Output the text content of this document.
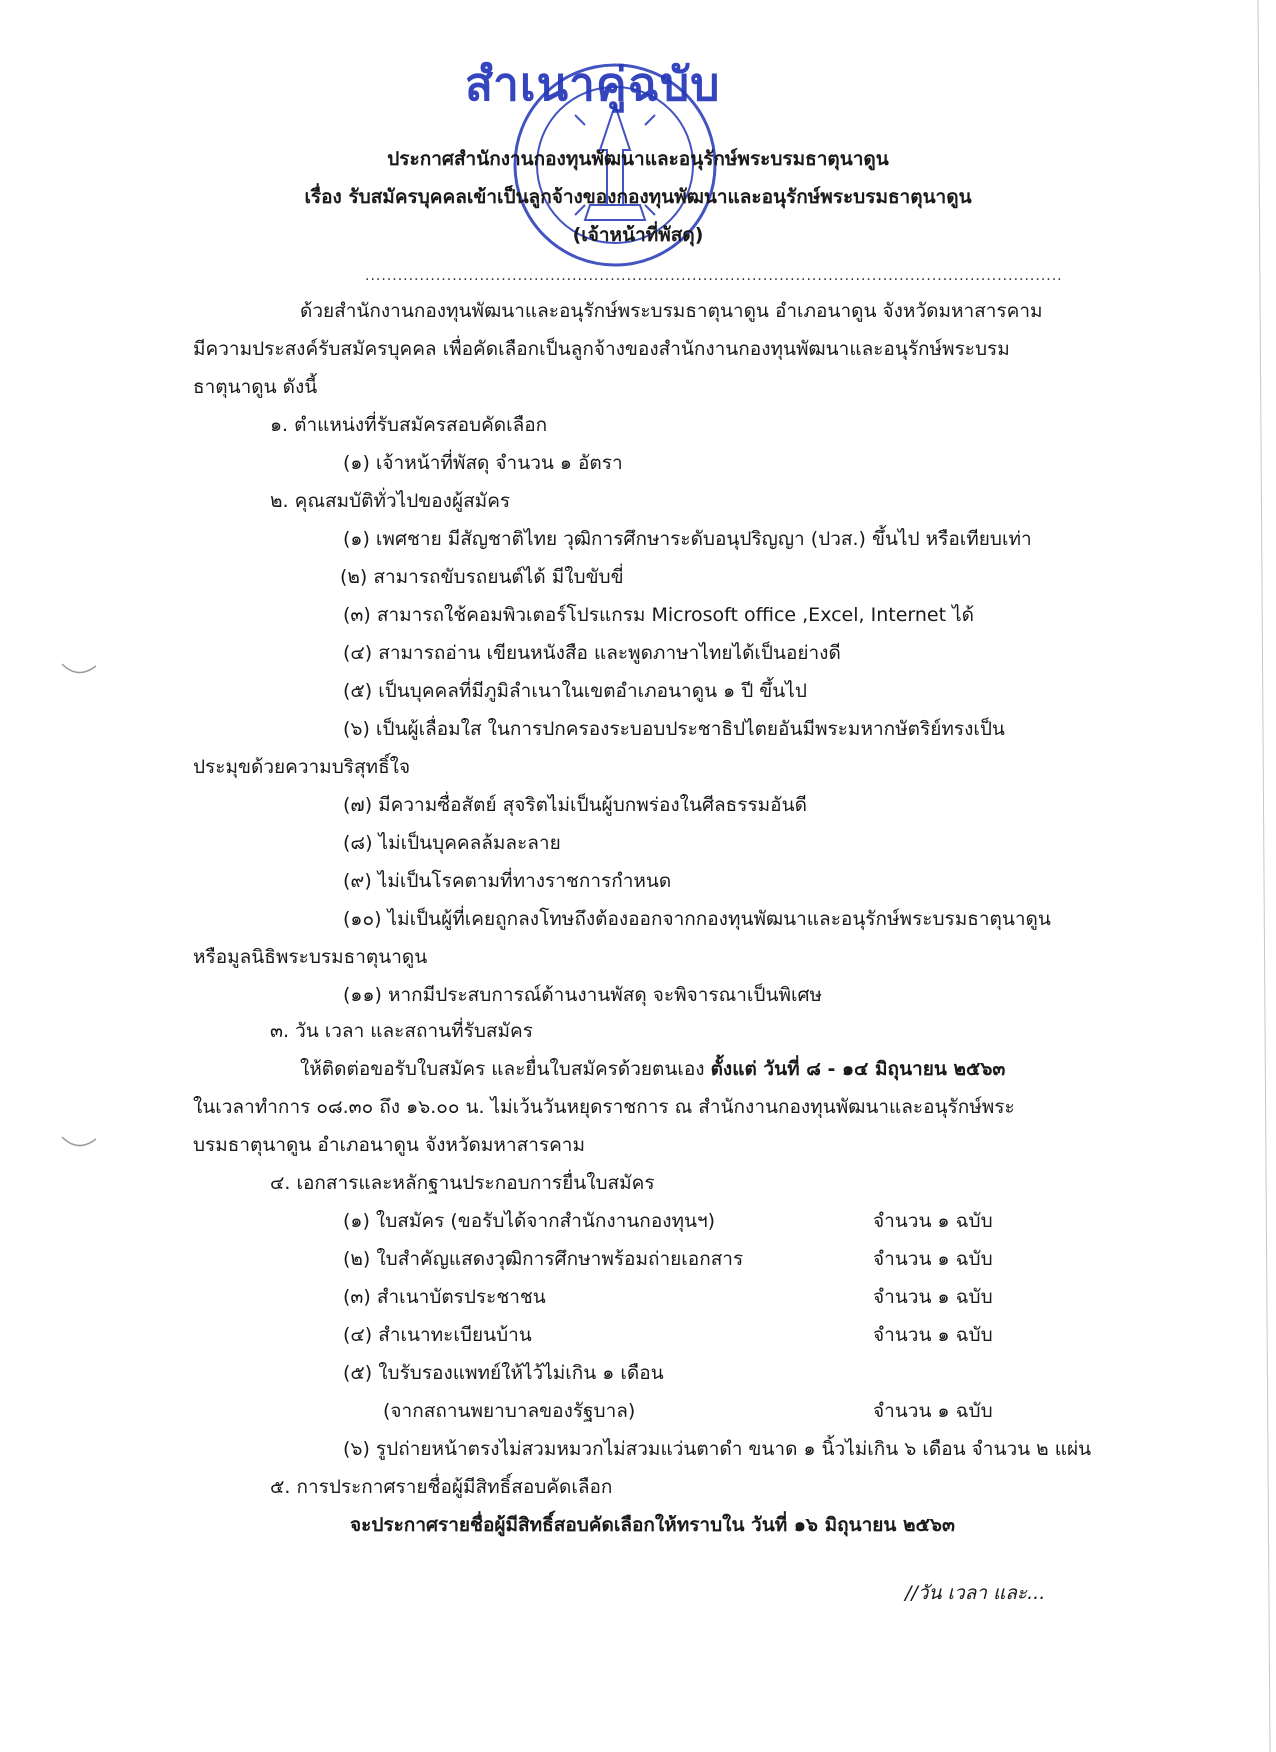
สำเนาคู่ฉบับ
ประกาศสำนักงานกองทุนพัฒนาและอนุรักษ์พระบรมธาตุนาดูน
เรื่อง รับสมัครบุคคลเข้าเป็นลูกจ้างของกองทุนพัฒนาและอนุรักษ์พระบรมธาตุนาดูน
(เจ้าหน้าที่พัสดุ)
................................................................................................................................
ด้วยสำนักงานกองทุนพัฒนาและอนุรักษ์พระบรมธาตุนาดูน อำเภอนาดูน จังหวัดมหาสารคาม
มีความประสงค์รับสมัครบุคคล เพื่อคัดเลือกเป็นลูกจ้างของสำนักงานกองทุนพัฒนาและอนุรักษ์พระบรม
ธาตุนาดูน ดังนี้
๑. ตำแหน่งที่รับสมัครสอบคัดเลือก
(๑) เจ้าหน้าที่พัสดุ จำนวน ๑ อัตรา
๒. คุณสมบัติทั่วไปของผู้สมัคร
(๑) เพศชาย มีสัญชาติไทย วุฒิการศึกษาระดับอนุปริญญา (ปวส.) ขึ้นไป หรือเทียบเท่า
(๒) สามารถขับรถยนต์ได้ มีใบขับขี่
(๓) สามารถใช้คอมพิวเตอร์โปรแกรม Microsoft office ,Excel, Internet ได้
(๔) สามารถอ่าน เขียนหนังสือ และพูดภาษาไทยได้เป็นอย่างดี
(๕) เป็นบุคคลที่มีภูมิลำเนาในเขตอำเภอนาดูน ๑ ปี ขึ้นไป
(๖) เป็นผู้เลื่อมใส ในการปกครองระบอบประชาธิปไตยอันมีพระมหากษัตริย์ทรงเป็น
ประมุขด้วยความบริสุทธิ์ใจ
(๗) มีความซื่อสัตย์ สุจริตไม่เป็นผู้บกพร่องในศีลธรรมอันดี
(๘) ไม่เป็นบุคคลล้มละลาย
(๙) ไม่เป็นโรคตามที่ทางราชการกำหนด
(๑๐) ไม่เป็นผู้ที่เคยถูกลงโทษถึงต้องออกจากกองทุนพัฒนาและอนุรักษ์พระบรมธาตุนาดูน
หรือมูลนิธิพระบรมธาตุนาดูน
(๑๑) หากมีประสบการณ์ด้านงานพัสดุ จะพิจารณาเป็นพิเศษ
๓. วัน เวลา และสถานที่รับสมัคร
ให้ติดต่อขอรับใบสมัคร และยื่นใบสมัครด้วยตนเอง ตั้งแต่ วันที่ ๘ - ๑๔ มิถุนายน ๒๕๖๓
ในเวลาทำการ ๐๘.๓๐ ถึง ๑๖.๐๐ น. ไม่เว้นวันหยุดราชการ ณ สำนักงานกองทุนพัฒนาและอนุรักษ์พระ
บรมธาตุนาดูน อำเภอนาดูน จังหวัดมหาสารคาม
๔. เอกสารและหลักฐานประกอบการยื่นใบสมัคร
(๑) ใบสมัคร (ขอรับได้จากสำนักงานกองทุนฯ)	จำนวน ๑ ฉบับ
(๒) ใบสำคัญแสดงวุฒิการศึกษาพร้อมถ่ายเอกสาร	จำนวน ๑ ฉบับ
(๓) สำเนาบัตรประชาชน	จำนวน ๑ ฉบับ
(๔) สำเนาทะเบียนบ้าน	จำนวน ๑ ฉบับ
(๕) ใบรับรองแพทย์ให้ไว้ไม่เกิน ๑ เดือน
(จากสถานพยาบาลของรัฐบาล)	จำนวน ๑ ฉบับ
(๖) รูปถ่ายหน้าตรงไม่สวมหมวกไม่สวมแว่นตาดำ ขนาด ๑ นิ้วไม่เกิน ๖ เดือน จำนวน ๒ แผ่น
๕. การประกาศรายชื่อผู้มีสิทธิ์สอบคัดเลือก
จะประกาศรายชื่อผู้มีสิทธิ์สอบคัดเลือกให้ทราบใน วันที่ ๑๖ มิถุนายน ๒๕๖๓
//วัน เวลา และ...
